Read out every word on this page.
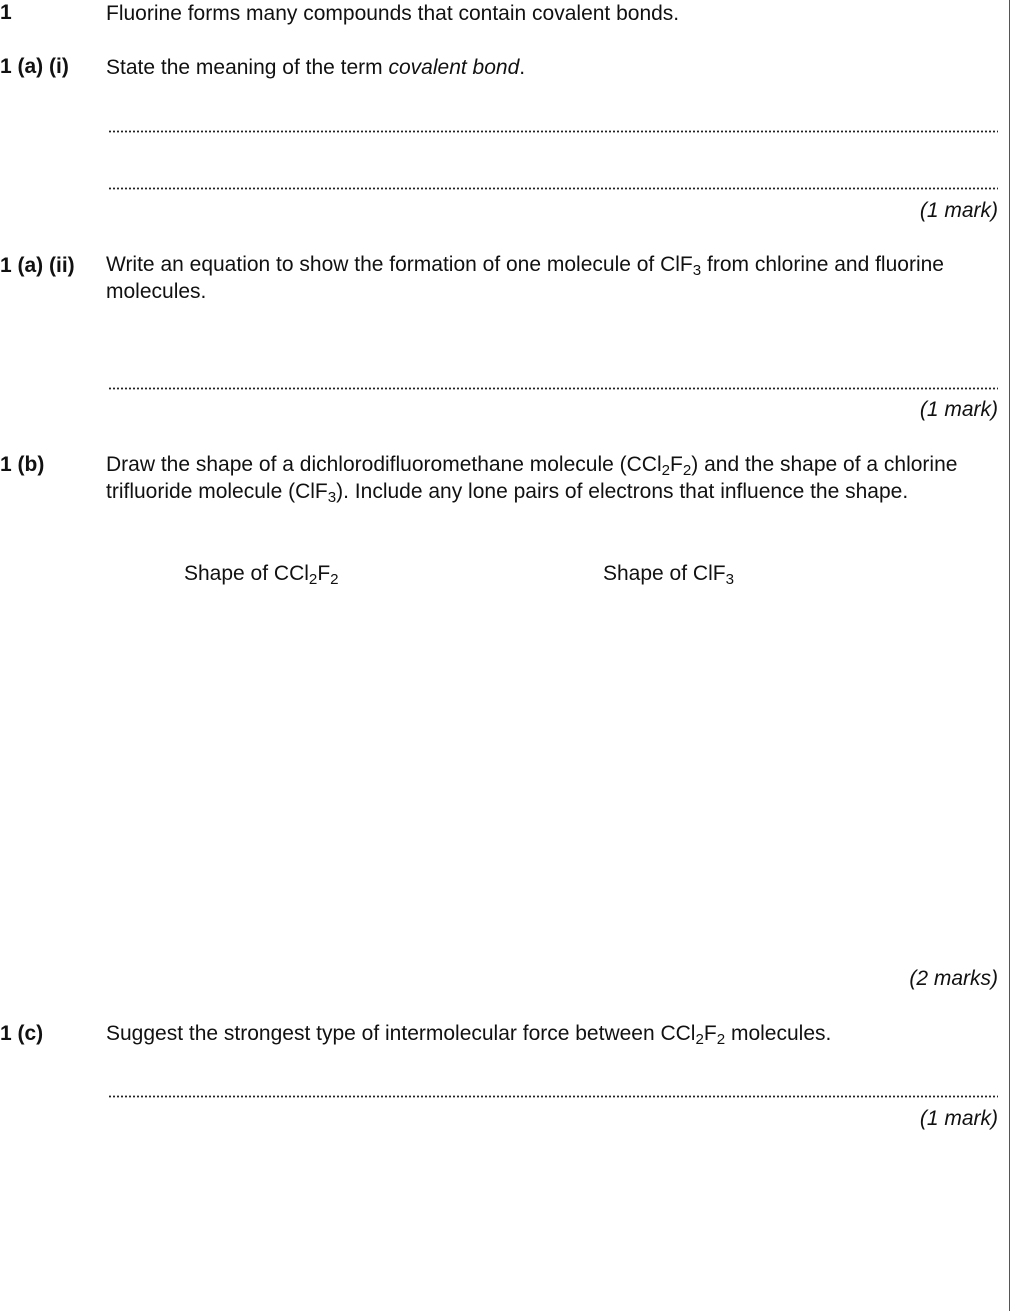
1	Fluorine forms many compounds that contain covalent bonds.
1 (a) (i) State the meaning of the term covalent bond.
(1 mark)
1 (a) (ii) Write an equation to show the formation of one molecule of ClF$_3$ from chlorine and fluorine molecules.
(1 mark)
1 (b)	Draw the shape of a dichlorodifluoromethane molecule $(CCl_2F_2)$ and the shape of a chlorine trifluoride molecule (ClF$_3$). Include any lone pairs of electrons that influence the shape.
Shape of $CCl_2F_2$	Shape of ClF$_3$
(2 marks)
1 (c)	Suggest the strongest type of intermolecular force between $CCl_2F_2$ molecules.
(1 mark)
